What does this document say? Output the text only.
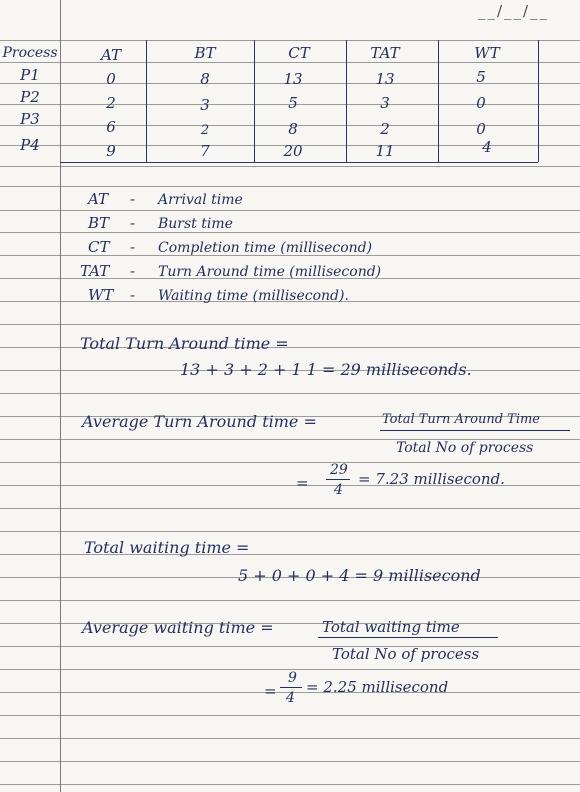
__/__/__
Process	AT	BT	CT	TAT	WT
P1	0	8	13	13	5
P2	2	3	5	3	0
P3	6	2	8	2	0
P4	9	7	20	11	4
AT - Arrival time
BT - Burst time
CT - Completion time (millisecond)
TAT - Turn Around time (millisecond)
WT - Waiting time (millisecond).
Total Turn Around time =
13 + 3 + 2 + 1 1 = 29 milliseconds.
Average Turn Around time =	Total Turn Around Time
Total No of process
=
29
4
= 7.23 millisecond.
Total waiting time =
5 + 0 + 0 + 4 = 9 millisecond
Average waiting time =	Total waiting time
Total No of process
=
9
4
= 2.25 millisecond
